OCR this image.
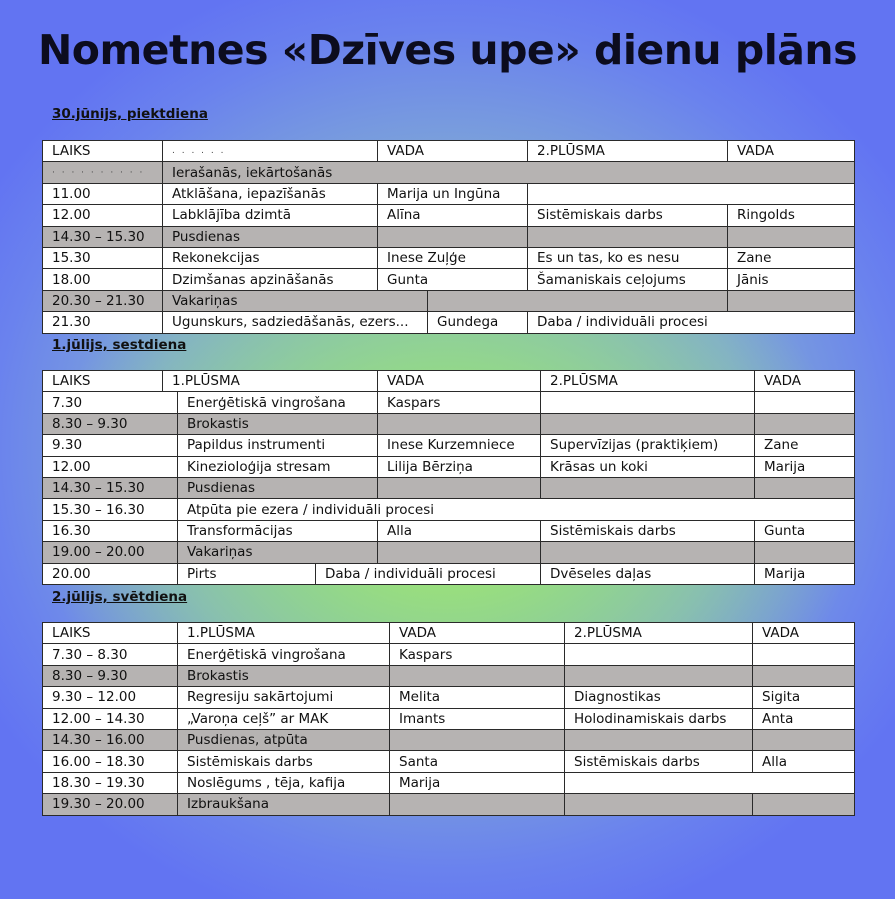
Nometnes «Dzīves upe» dienu plāns
30.jūnijs, piektdiena
LAIKS	. . . . . .	VADA		2.PLŪSMA	VADA
· · · · · · · · · ·	Ierašanās, iekārtošanās				
11.00	Atklāšana, iepazīšanās	Marija un Ingūna			
12.00	Labklājība dzimtā	Alīna		Sistēmiskais darbs	Ringolds
14.30 – 15.30	Pusdienas				
15.30	Rekonekcijas	Inese Zuļģe		Es un tas, ko es nesu	Zane
18.00	Dzimšanas apzināšanās	Gunta		Šamaniskais ceļojums	Jānis
20.30 – 21.30	Vakariņas				
21.30	Ugunskurs, sadziedāšanās, ezers...		Gundega	Daba / individuāli procesi	
1.jūlijs, sestdiena
LAIKS	1.PLŪSMA			VADA	2.PLŪSMA	VADA
7.30		Enerģētiskā vingrošana		Kaspars		
8.30 – 9.30		Brokastis				
9.30		Papildus instrumenti		Inese Kurzemniece	Supervīzijas (praktiķiem)	Zane
12.00		Kinezioloģija stresam		Lilija Bērziņa	Krāsas un koki	Marija
14.30 – 15.30		Pusdienas				
15.30 – 16.30		Atpūta pie ezera / individuāli procesi				
16.30		Transformācijas		Alla	Sistēmiskais darbs	Gunta
19.00 – 20.00		Vakariņas				
20.00		Pirts	Daba / individuāli procesi		Dvēseles daļas	Marija
2.jūlijs, svētdiena
LAIKS	1.PLŪSMA	VADA	2.PLŪSMA	VADA
7.30 – 8.30	Enerģētiskā vingrošana	Kaspars		
8.30 – 9.30	Brokastis			
9.30 – 12.00	Regresiju sakārtojumi	Melita	Diagnostikas	Sigita
12.00 – 14.30	„Varoņa ceļš” ar MAK	Imants	Holodinamiskais darbs	Anta
14.30 – 16.00	Pusdienas, atpūta			
16.00 – 18.30	Sistēmiskais darbs	Santa	Sistēmiskais darbs	Alla
18.30 – 19.30	Noslēgums , tēja, kafija	Marija		
19.30 – 20.00	Izbraukšana			
